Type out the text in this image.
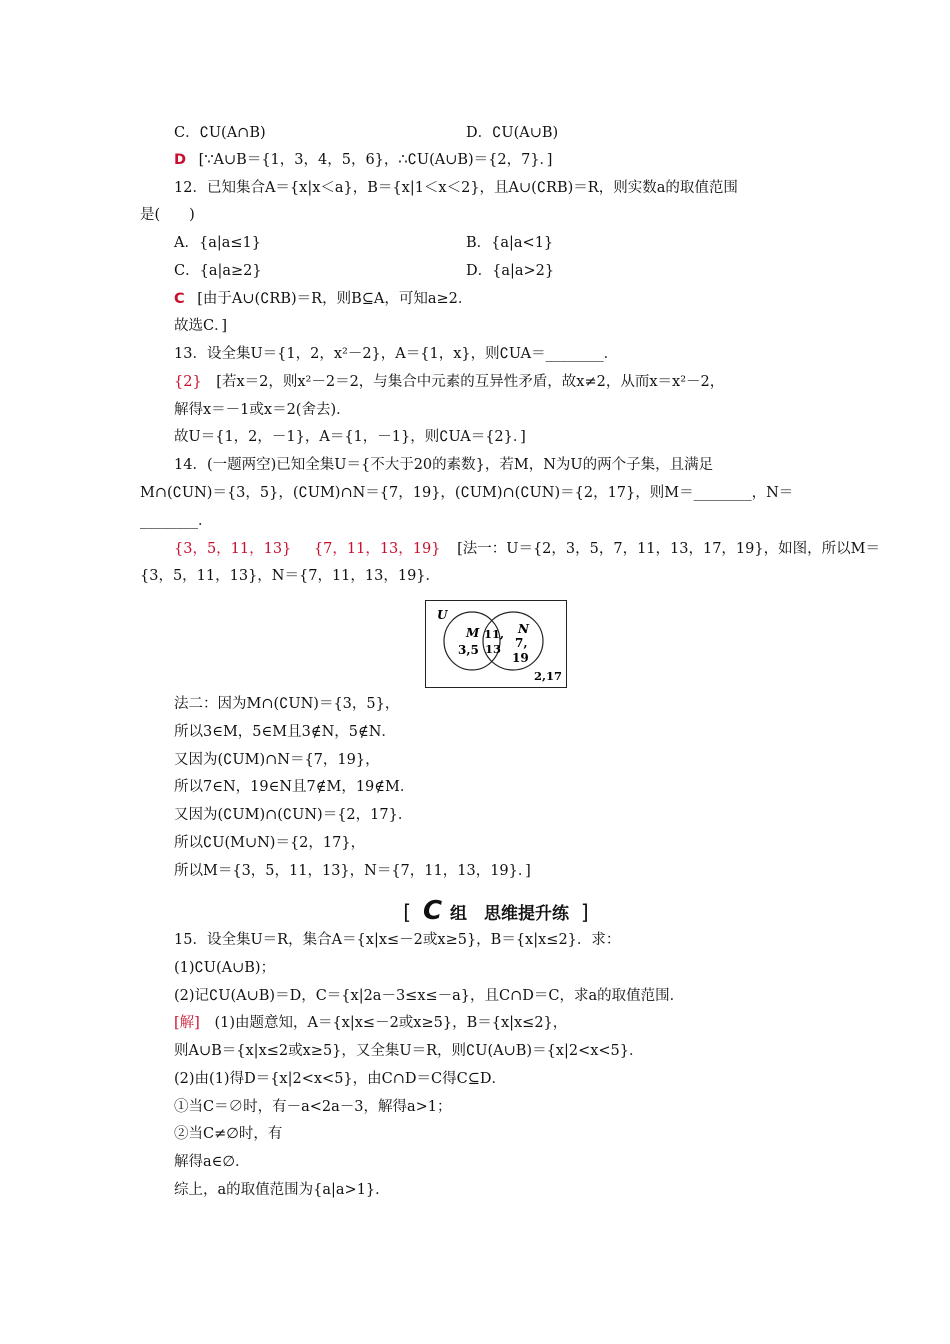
C．∁U(A∩B)	D．∁U(A∪B)
D [∵A∪B＝{1，3，4，5，6}，∴∁U(A∪B)＝{2，7}．]
12．已知集合A＝{x|x＜a}，B＝{x|1＜x＜2}，且A∪(∁RB)＝R，则实数a的取值范围
是(　　)
A．{a|a≤1}	B．{a|a<1}
C．{a|a≥2}	D．{a|a>2}
C [由于A∪(∁RB)＝R，则B⊆A，可知a≥2．
故选C．]
13．设全集U＝{1，2，x²－2}，A＝{1，x}，则∁UA＝________．
{2} [若x＝2，则x²－2＝2，与集合中元素的互异性矛盾，故x≠2，从而x＝x²－2，
解得x＝－1或x＝2(舍去)．
故U＝{1，2，－1}，A＝{1，－1}，则∁UA＝{2}．]
14．(一题两空)已知全集U＝{不大于20的素数}，若M，N为U的两个子集，且满足
M∩(∁UN)＝{3，5}，(∁UM)∩N＝{7，19}，(∁UM)∩(∁UN)＝{2，17}，则M＝________，N＝
________．
{3，5，11，13} {7，11，13，19} [法一：U＝{2，3，5，7，11，13，17，19}，如图，所以M＝
{3，5，11，13}，N＝{7，11，13，19}．
U
M	N
3,5
11,
13 7,
19
2,17
法二：因为M∩(∁UN)＝{3，5}，
所以3∈M，5∈M且3∉N，5∉N．
又因为(∁UM)∩N＝{7，19}，
所以7∈N，19∈N且7∉M，19∉M．
又因为(∁UM)∩(∁UN)＝{2，17}．
所以∁U(M∪N)＝{2，17}，
所以M＝{3，5，11，13}，N＝{7，11，13，19}．]
[ C 组　思维提升练 ]
15．设全集U＝R，集合A＝{x|x≤－2或x≥5}，B＝{x|x≤2}．求：
(1)∁U(A∪B)；
(2)记∁U(A∪B)＝D，C＝{x|2a－3≤x≤－a}，且C∩D＝C，求a的取值范围．
[解] (1)由题意知，A＝{x|x≤－2或x≥5}，B＝{x|x≤2}，
则A∪B＝{x|x≤2或x≥5}，又全集U＝R，则∁U(A∪B)＝{x|2<x<5}．
(2)由(1)得D＝{x|2<x<5}，由C∩D＝C得C⊆D．
①当C＝∅时，有－a<2a－3，解得a>1；
②当C≠∅时，有
解得a∈∅．
综上，a的取值范围为{a|a>1}．
